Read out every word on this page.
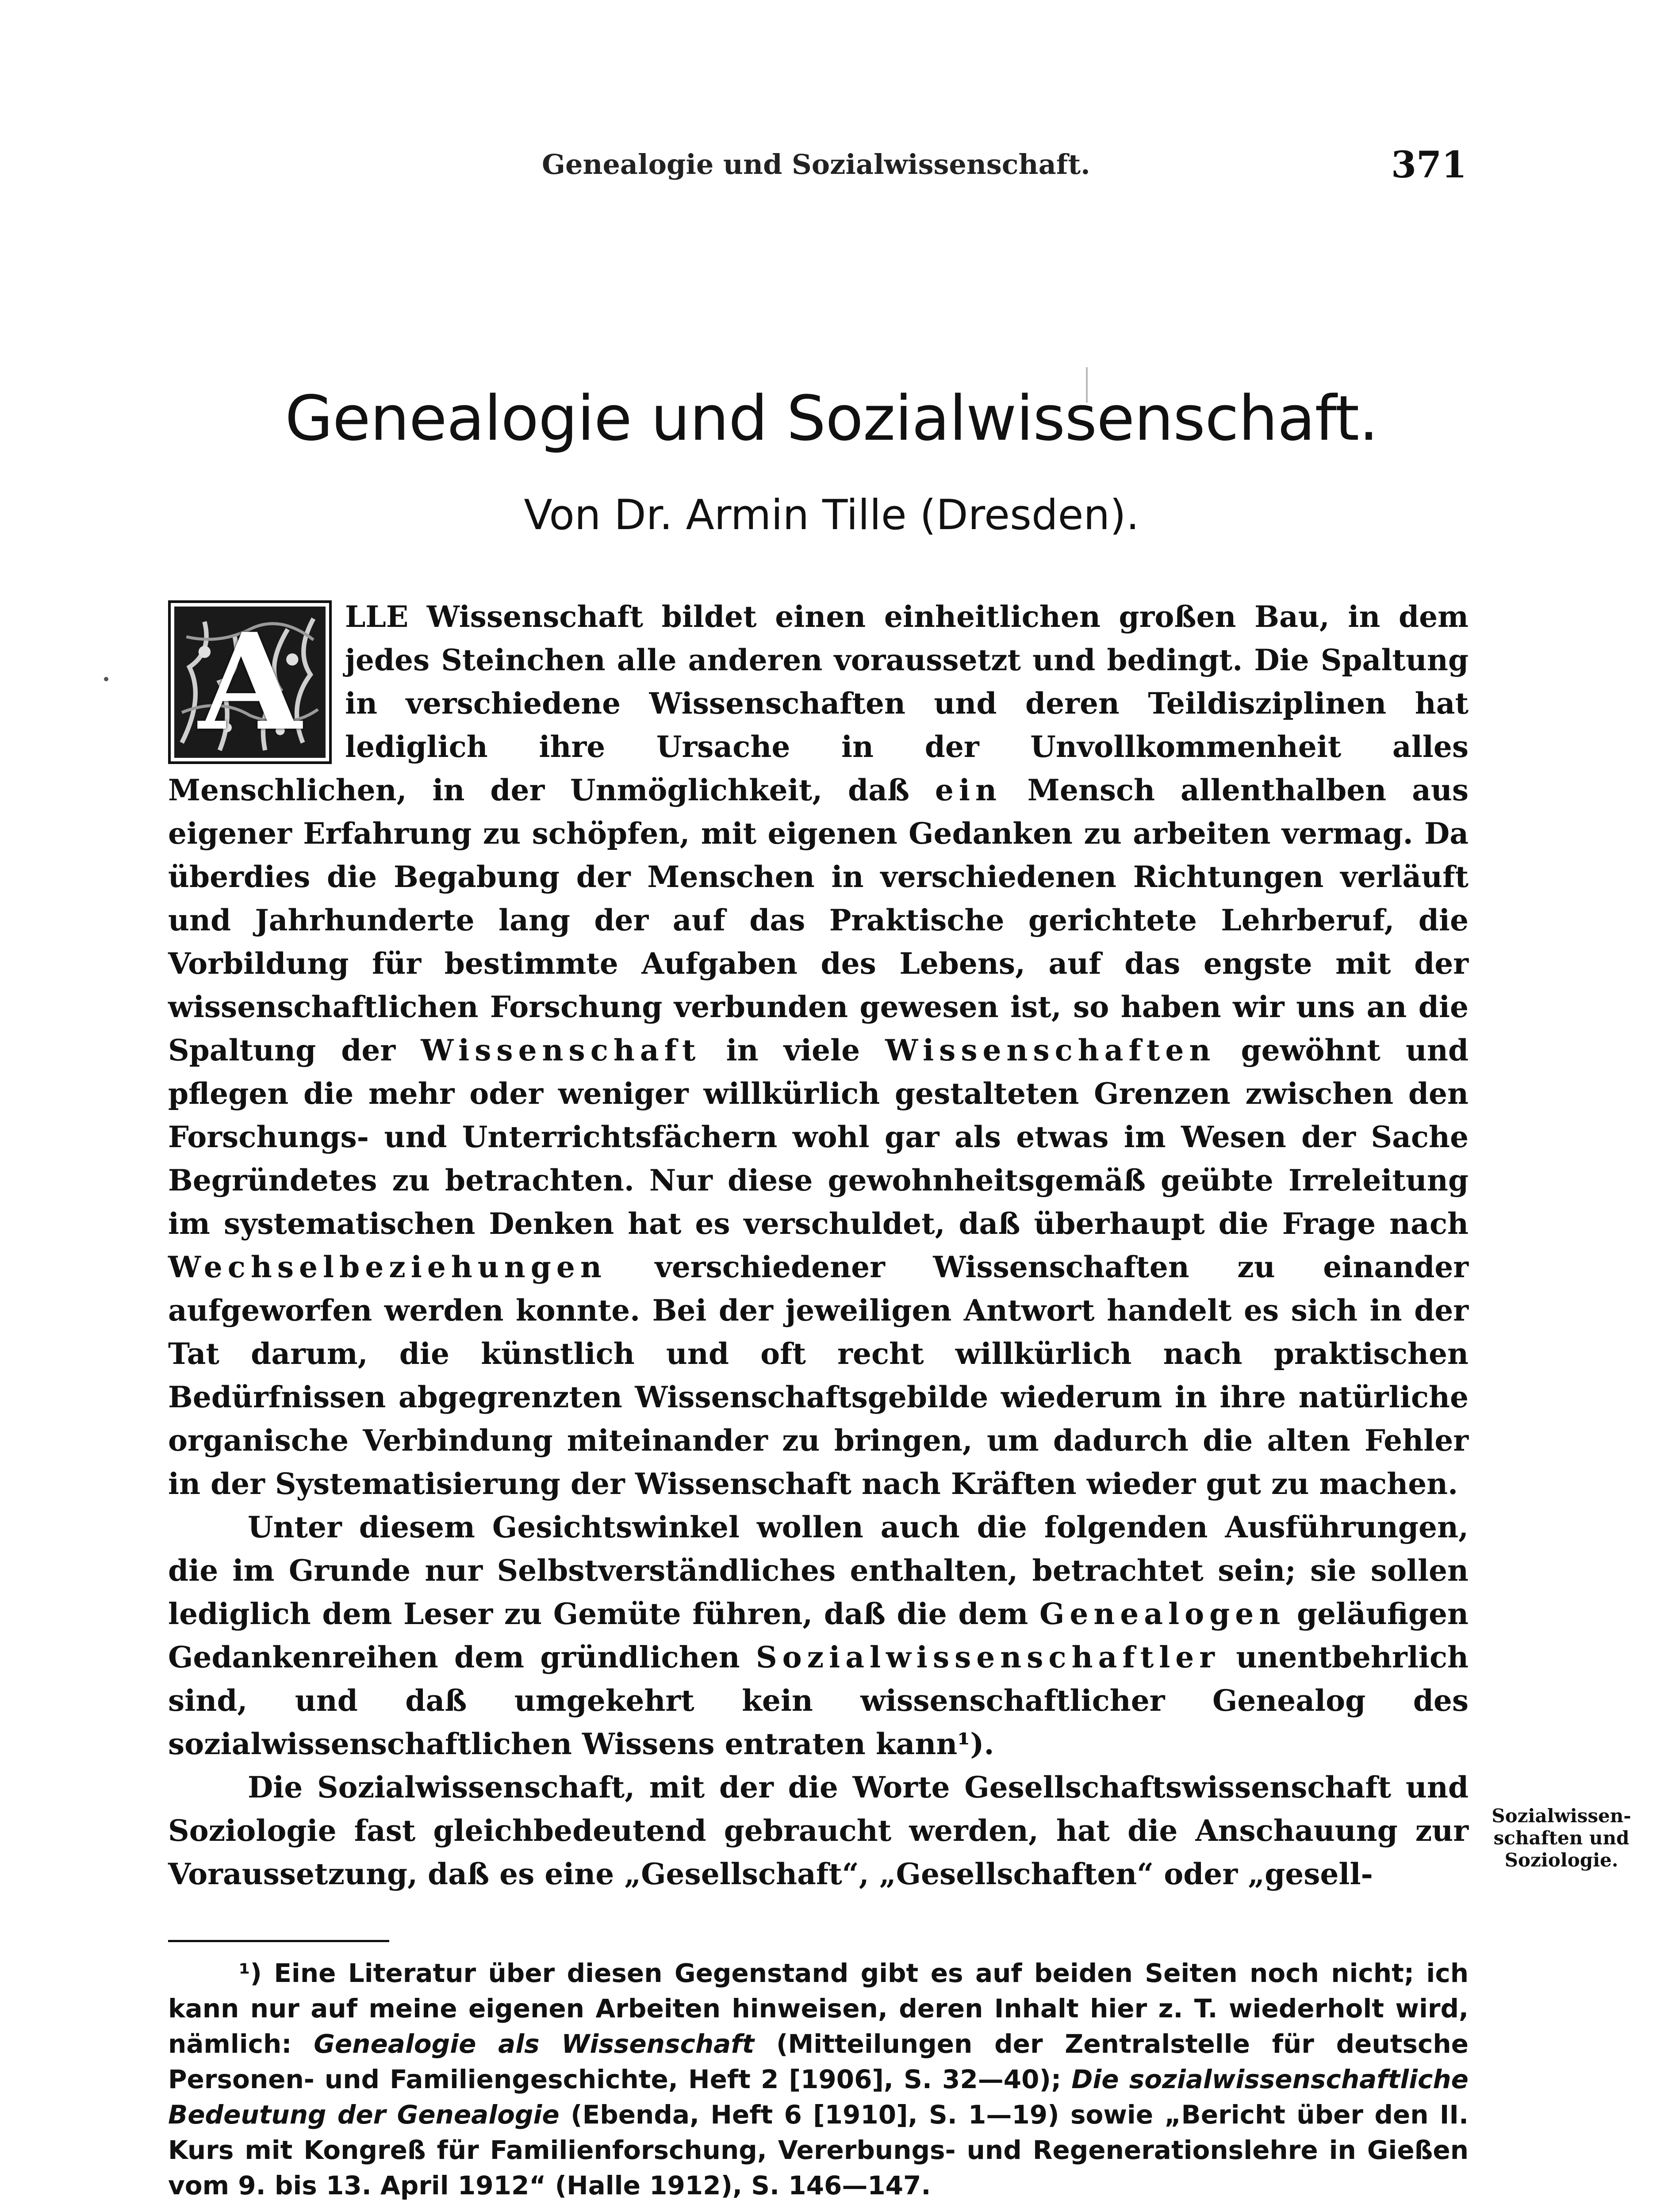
Genealogie und Sozialwissenschaft.	371
Genealogie und Sozialwissenschaft.
Von Dr. Armin Tille (Dresden).

A	LLE Wissenschaft bildet einen einheitlichen großen Bau, in dem jedes Steinchen alle anderen voraussetzt und bedingt. Die Spaltung in verschiedene Wissenschaften und deren Teildisziplinen hat lediglich ihre Ursache in der Unvollkommenheit alles Menschlichen, in der Unmöglichkeit, daß ein Mensch allenthalben aus eigener Erfahrung zu schöpfen, mit eigenen Gedanken zu arbeiten vermag. Da überdies die Begabung der Menschen in verschiedenen Richtungen verläuft und Jahrhunderte lang der auf das Praktische gerichtete Lehrberuf, die Vorbildung für bestimmte Aufgaben des Lebens, auf das engste mit der wissenschaftlichen Forschung verbunden gewesen ist, so haben wir uns an die Spaltung der Wissenschaft in viele Wissenschaften gewöhnt und pflegen die mehr oder weniger willkürlich gestalteten Grenzen zwischen den Forschungs- und Unterrichtsfächern wohl gar als etwas im Wesen der Sache Begründetes zu betrachten. Nur diese gewohnheitsgemäß geübte Irreleitung im systematischen Denken hat es verschuldet, daß überhaupt die Frage nach Wechselbeziehungen verschiedener Wissenschaften zu einander aufgeworfen werden konnte. Bei der jeweiligen Antwort handelt es sich in der Tat darum, die künstlich und oft recht willkürlich nach praktischen Bedürfnissen abgegrenzten Wissenschaftsgebilde wiederum in ihre natürliche organische Verbindung miteinander zu bringen, um dadurch die alten Fehler in der Systematisierung der Wissenschaft nach Kräften wieder gut zu machen.

Unter diesem Gesichtswinkel wollen auch die folgenden Ausführungen, die im Grunde nur Selbstverständliches enthalten, betrachtet sein; sie sollen lediglich dem Leser zu Gemüte führen, daß die dem Genealogen geläufigen Gedankenreihen dem gründlichen Sozialwissenschaftler unentbehrlich sind, und daß umgekehrt kein wissenschaftlicher Genealog des sozialwissenschaftlichen Wissens entraten kann¹).

Die Sozialwissenschaft, mit der die Worte Gesellschaftswissenschaft und Soziologie fast gleichbedeutend gebraucht werden, hat die Anschauung zur Voraussetzung, daß es eine „Gesellschaft“, „Gesellschaften“ oder „gesell-

Sozialwissen-schaften und Soziologie.

¹) Eine Literatur über diesen Gegenstand gibt es auf beiden Seiten noch nicht; ich kann nur auf meine eigenen Arbeiten hinweisen, deren Inhalt hier z. T. wiederholt wird, nämlich: Genealogie als Wissenschaft (Mitteilungen der Zentralstelle für deutsche Personen- und Familiengeschichte, Heft 2 [1906], S. 32—40); Die sozialwissenschaftliche Bedeutung der Genealogie (Ebenda, Heft 6 [1910], S. 1—19) sowie „Bericht über den II. Kurs mit Kongreß für Familienforschung, Vererbungs- und Regenerationslehre in Gießen vom 9. bis 13. April 1912“ (Halle 1912), S. 146—147.
